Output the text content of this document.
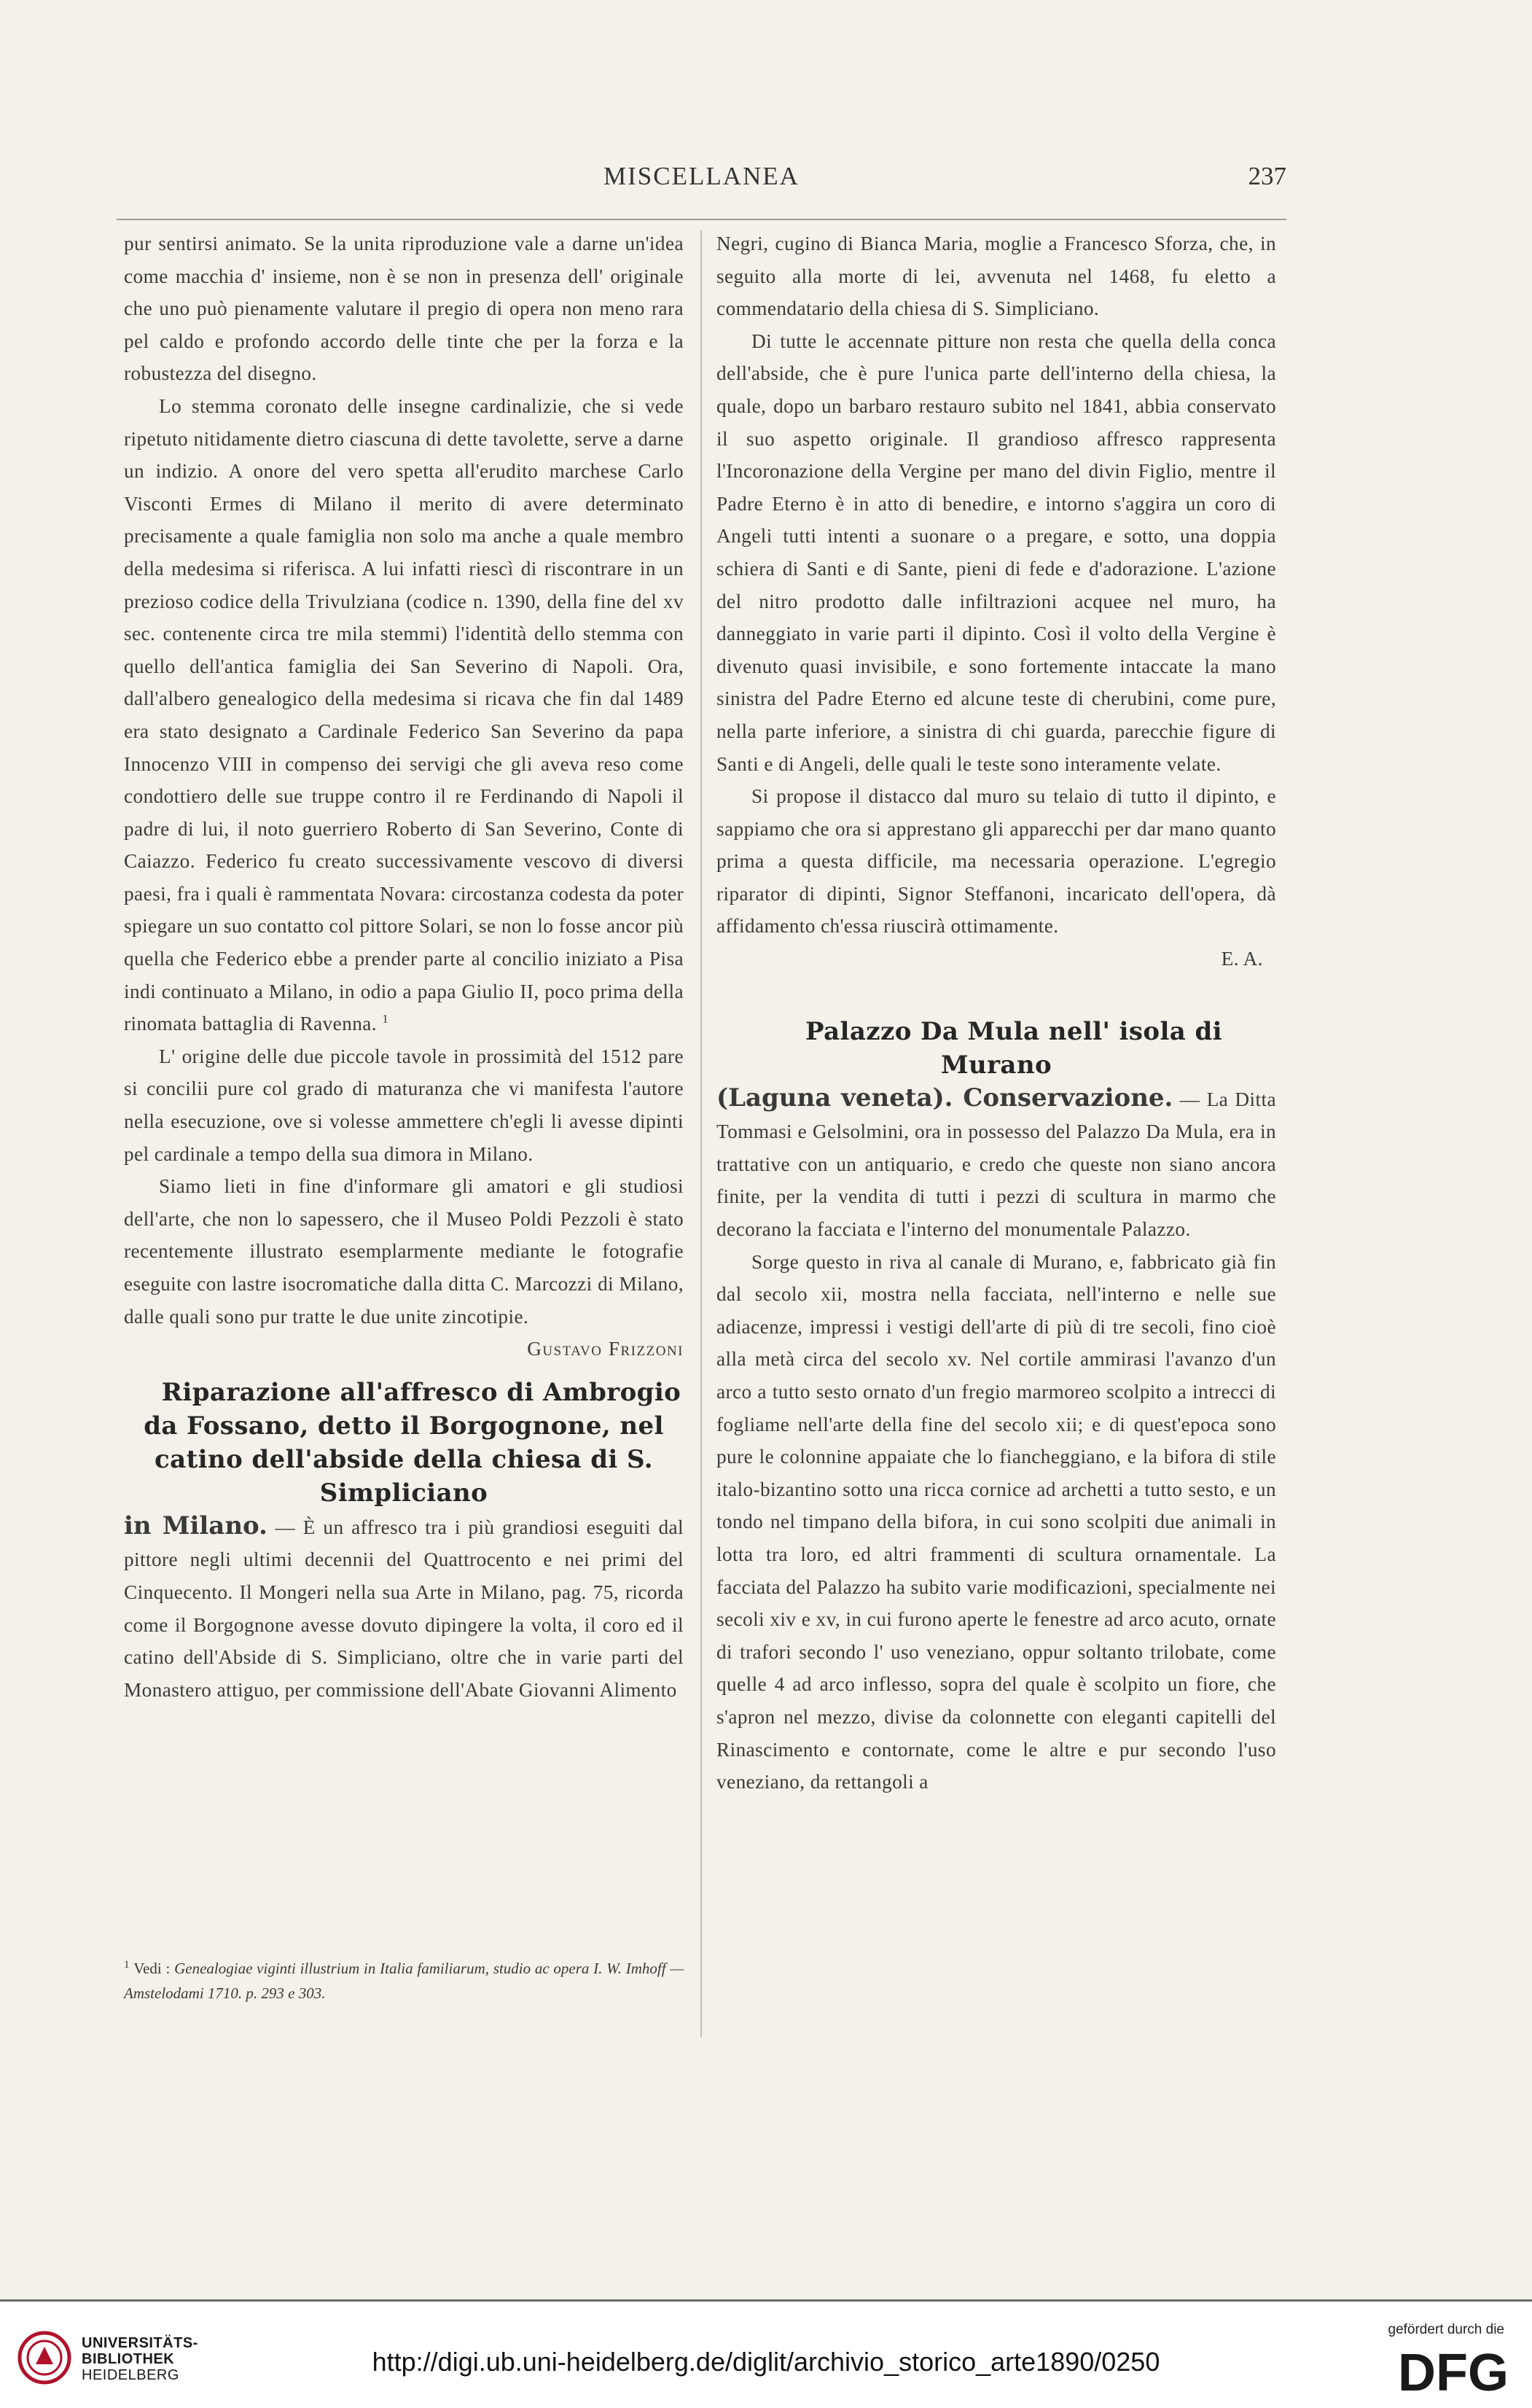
MISCELLANEA	237

pur sentirsi animato. Se la unita riproduzione vale a darne un'idea come macchia d' insieme, non è se non in presenza dell' originale che uno può pienamente valutare il pregio di opera non meno rara pel caldo e profondo accordo delle tinte che per la forza e la robustezza del disegno.

Lo stemma coronato delle insegne cardinalizie, che si vede ripetuto nitidamente dietro ciascuna di dette tavolette, serve a darne un indizio. A onore del vero spetta all'erudito marchese Carlo Visconti Ermes di Milano il merito di avere determinato precisamente a quale famiglia non solo ma anche a quale membro della medesima si riferisca. A lui infatti riescì di riscontrare in un prezioso codice della Trivulziana (codice n. 1390, della fine del xv sec. contenente circa tre mila stemmi) l'identità dello stemma con quello dell'antica famiglia dei San Severino di Napoli. Ora, dall'albero genealogico della medesima si ricava che fin dal 1489 era stato designato a Cardinale Federico San Severino da papa Innocenzo VIII in compenso dei servigi che gli aveva reso come condottiero delle sue truppe contro il re Ferdinando di Napoli il padre di lui, il noto guerriero Roberto di San Severino, Conte di Caiazzo. Federico fu creato successivamente vescovo di diversi paesi, fra i quali è rammentata Novara: circostanza codesta da poter spiegare un suo contatto col pittore Solari, se non lo fosse ancor più quella che Federico ebbe a prender parte al concilio iniziato a Pisa indi continuato a Milano, in odio a papa Giulio II, poco prima della rinomata battaglia di Ravenna. $^1$

L' origine delle due piccole tavole in prossimità del 1512 pare si concilii pure col grado di maturanza che vi manifesta l'autore nella esecuzione, ove si volesse ammettere ch'egli li avesse dipinti pel cardinale a tempo della sua dimora in Milano.

Siamo lieti in fine d'informare gli amatori e gli studiosi dell'arte, che non lo sapessero, che il Museo Poldi Pezzoli è stato recentemente illustrato esemplarmente mediante le fotografie eseguite con lastre isocromatiche dalla ditta C. Marcozzi di Milano, dalle quali sono pur tratte le due unite zincotipie.

Gustavo Frizzoni

Riparazione all'affresco di Ambrogio da Fossano, detto il Borgognone, nel catino dell'abside della chiesa di S. Simpliciano

in Milano. — È un affresco tra i più grandiosi eseguiti dal pittore negli ultimi decennii del Quattrocento e nei primi del Cinquecento. Il Mongeri nella sua Arte in Milano, pag. 75, ricorda come il Borgognone avesse dovuto dipingere la volta, il coro ed il catino dell'Abside di S. Simpliciano, oltre che in varie parti del Monastero attiguo, per commissione dell'Abate Giovanni Alimento

$^1$ Vedi : Genealogiae viginti illustrium in Italia familiarum, studio ac opera I. W. Imhoff — Amstelodami 1710. p. 293 e 303.

Negri, cugino di Bianca Maria, moglie a Francesco Sforza, che, in seguito alla morte di lei, avvenuta nel 1468, fu eletto a commendatario della chiesa di S. Simpliciano.

Di tutte le accennate pitture non resta che quella della conca dell'abside, che è pure l'unica parte dell'interno della chiesa, la quale, dopo un barbaro restauro subito nel 1841, abbia conservato il suo aspetto originale. Il grandioso affresco rappresenta l'Incoronazione della Vergine per mano del divin Figlio, mentre il Padre Eterno è in atto di benedire, e intorno s'aggira un coro di Angeli tutti intenti a suonare o a pregare, e sotto, una doppia schiera di Santi e di Sante, pieni di fede e d'adorazione. L'azione del nitro prodotto dalle infiltrazioni acquee nel muro, ha danneggiato in varie parti il dipinto. Così il volto della Vergine è divenuto quasi invisibile, e sono fortemente intaccate la mano sinistra del Padre Eterno ed alcune teste di cherubini, come pure, nella parte inferiore, a sinistra di chi guarda, parecchie figure di Santi e di Angeli, delle quali le teste sono interamente velate.

Si propose il distacco dal muro su telaio di tutto il dipinto, e sappiamo che ora si apprestano gli apparecchi per dar mano quanto prima a questa difficile, ma necessaria operazione. L'egregio riparator di dipinti, Signor Steffanoni, incaricato dell'opera, dà affidamento ch'essa riuscirà ottimamente.

E. A.

Palazzo Da Mula nell' isola di Murano

(Laguna veneta). Conservazione. — La Ditta Tommasi e Gelsolmini, ora in possesso del Palazzo Da Mula, era in trattative con un antiquario, e credo che queste non siano ancora finite, per la vendita di tutti i pezzi di scultura in marmo che decorano la facciata e l'interno del monumentale Palazzo.

Sorge questo in riva al canale di Murano, e, fabbricato già fin dal secolo xii, mostra nella facciata, nell'interno e nelle sue adiacenze, impressi i vestigi dell'arte di più di tre secoli, fino cioè alla metà circa del secolo xv. Nel cortile ammirasi l'avanzo d'un arco a tutto sesto ornato d'un fregio marmoreo scolpito a intrecci di fogliame nell'arte della fine del secolo xii; e di quest'epoca sono pure le colonnine appaiate che lo fiancheggiano, e la bifora di stile italo-bizantino sotto una ricca cornice ad archetti a tutto sesto, e un tondo nel timpano della bifora, in cui sono scolpiti due animali in lotta tra loro, ed altri frammenti di scultura ornamentale. La facciata del Palazzo ha subito varie modificazioni, specialmente nei secoli xiv e xv, in cui furono aperte le fenestre ad arco acuto, ornate di trafori secondo l' uso veneziano, oppur soltanto trilobate, come quelle 4 ad arco inflesso, sopra del quale è scolpito un fiore, che s'apron nel mezzo, divise da colonnette con eleganti capitelli del Rinascimento e contornate, come le altre e pur secondo l'uso veneziano, da rettangoli a

UNIVERSITÄTS-
BIBLIOTHEK
HEIDELBERG	http://digi.ub.uni-heidelberg.de/diglit/archivio_storico_arte1890/0250
gefördert durch die
DFG
